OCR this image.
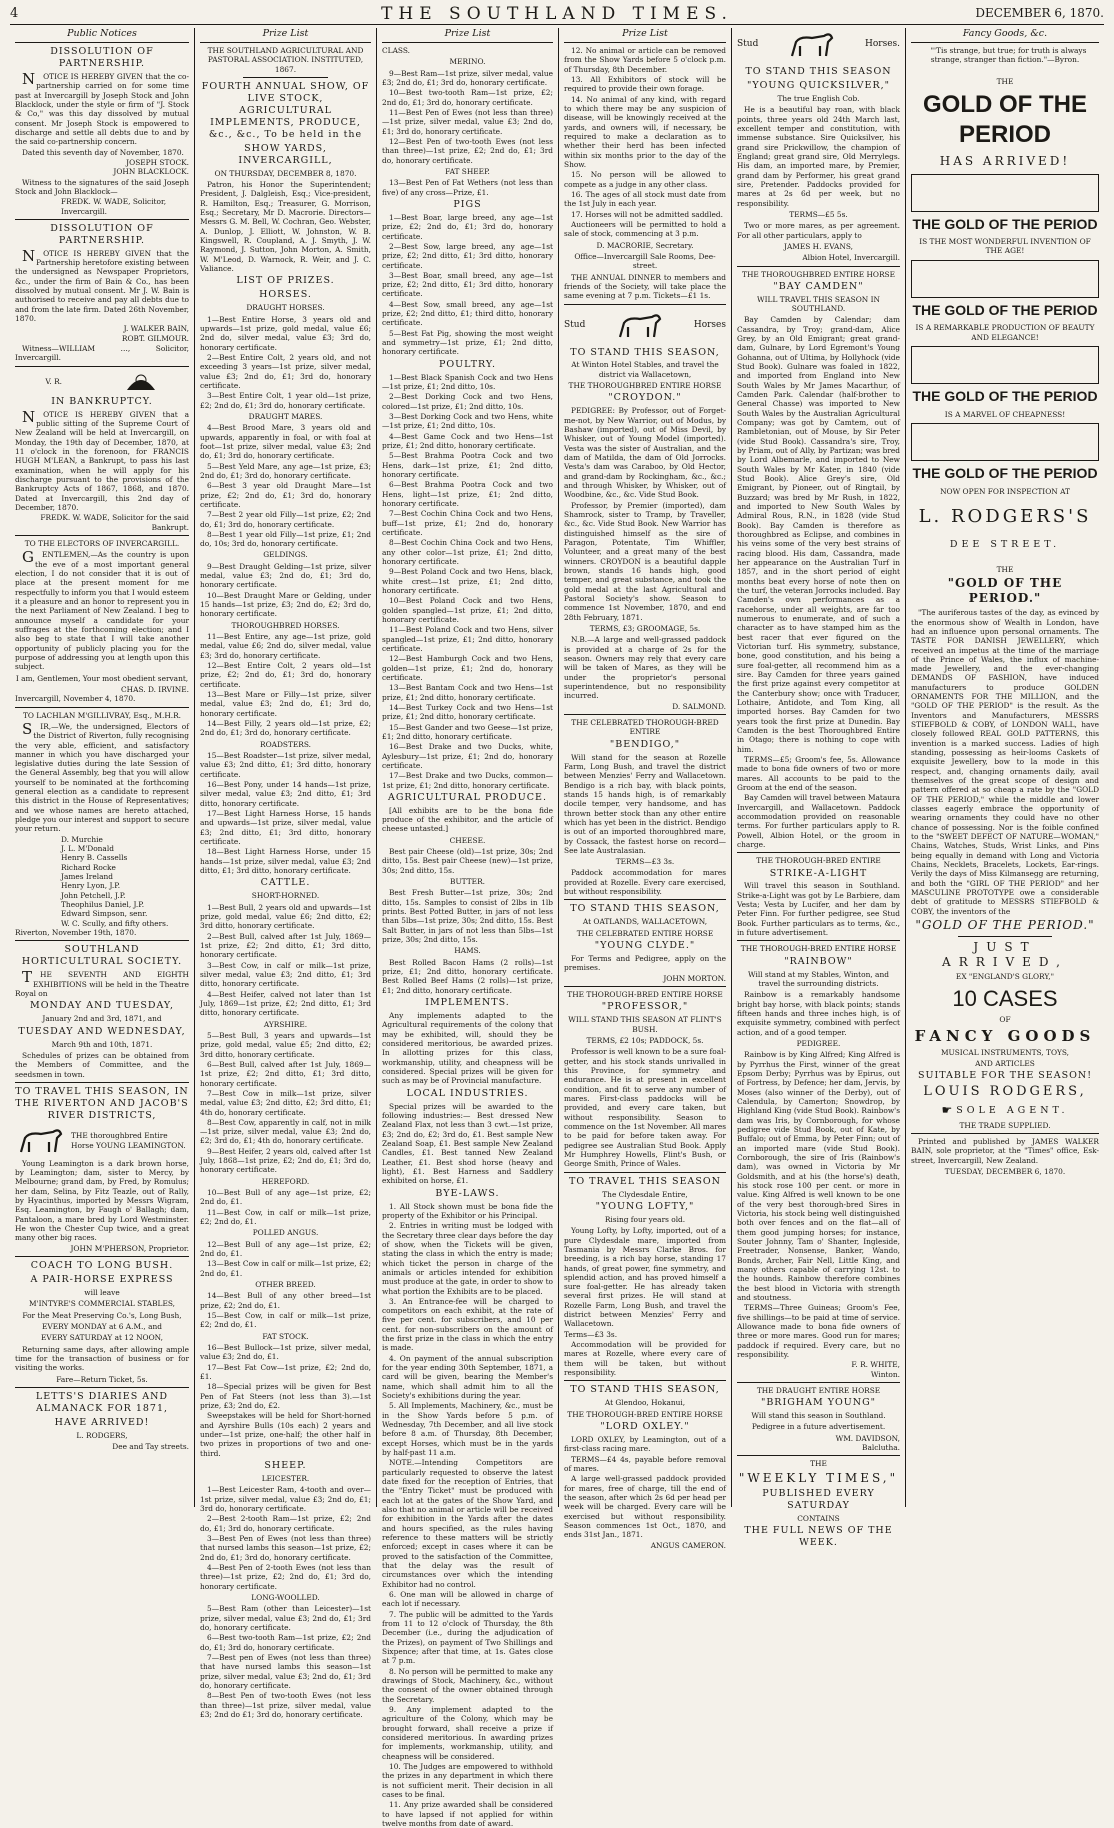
4	THE SOUTHLAND TIMES.	DECEMBER 6, 1870.
Public Notices
DISSOLUTION OF PARTNERSHIP.

NOTICE IS HEREBY GIVEN that the co-partnership carried on for some time past at Invercargill by Joseph Stock and John Blacklock, under the style or firm of "J. Stock & Co," was this day dissolved by mutual consent. Mr Joseph Stock is empowered to discharge and settle all debts due to and by the said co-partnership concern.

Dated this seventh day of November, 1870.

JOSEPH STOCK.
JOHN BLACKLOCK.

Witness to the signatures of the said Joseph Stock and John Blacklock—

FREDK. W. WADE, Solicitor, Invercargill.
DISSOLUTION OF PARTNERSHIP.

NOTICE IS HEREBY GIVEN that the Partnership heretofore existing between the undersigned as Newspaper Proprietors, &c., under the firm of Bain & Co., has been dissolved by mutual consent. Mr J. W. Bain is authorised to receive and pay all debts due to and from the late firm. Dated 26th November, 1870.

J. WALKER BAIN,
ROBT. GILMOUR.

Witness—WILLIAM …, Solicitor, Invercargill.

V. R.
IN BANKRUPTCY.

NOTICE IS HEREBY GIVEN that a public sitting of the Supreme Court of New Zealand will be held at Invercargill, on Monday, the 19th day of December, 1870, at 11 o'clock in the forenoon, for FRANCIS HUGH M'LEAN, a Bankrupt, to pass his last examination, when he will apply for his discharge pursuant to the provisions of the Bankruptcy Acts of 1867, 1868, and 1870. Dated at Invercargill, this 2nd day of December, 1870.

FREDK. W. WADE, Solicitor for the said Bankrupt.
TO THE ELECTORS OF INVERCARGILL.

GENTLEMEN,—As the country is upon the eve of a most important general election, I do not consider that it is out of place at the present moment for me respectfully to inform you that I would esteem it a pleasure and an honor to represent you in the next Parliament of New Zealand. I beg to announce myself a candidate for your suffrages at the forthcoming election; and I also beg to state that I will take another opportunity of publicly placing you for the purpose of addressing you at length upon this subject.

I am, Gentlemen, Your most obedient servant,
CHAS. D. IRVINE.
Invercargill, November 4, 1870.
TO LACHLAN M'GILLIVRAY, Esq., M.H.R.

SIR,—We, the undersigned, Electors of the District of Riverton, fully recognising the very able, efficient, and satisfactory manner in which you have discharged your legislative duties during the late Session of the General Assembly, beg that you will allow yourself to be nominated at the forthcoming general election as a candidate to represent this district in the House of Representatives; and we whose names are hereto attached, pledge you our interest and support to secure your return.

D. Murchie
J. L. M'Donald
Henry B. Cassells
Richard Rocke
James Ireland
Henry Lyon, J.P.
John Petchell, J.P.
Theophilus Daniel, J.P.
Edward Simpson, senr.
W. C. Scully, and fifty others.
Riverton, November 19th, 1870.
SOUTHLAND HORTICULTURAL SOCIETY.

THE SEVENTH AND EIGHTH EXHIBITIONS will be held in the Theatre Royal on

MONDAY AND TUESDAY,
January 2nd and 3rd, 1871, and
TUESDAY AND WEDNESDAY,
March 9th and 10th, 1871.

Schedules of prizes can be obtained from the Members of Committee, and the seedsmen in town.

TO TRAVEL THIS SEASON, IN THE RIVERTON AND JACOB'S RIVER DISTRICTS,
THE thoroughbred Entire Horse YOUNG LEAMINGTON.

Young Leamington is a dark brown horse, by Leamington; dam, sister to Mercy, by Melbourne; grand dam, by Fred, by Romulus; her dam, Selina, by Fitz Teazle, out of Rally, by Hyacinthus, imported by Messrs Wigram, Esq. Leamington, by Faugh o' Ballagh; dam, Pantaloon, a mare bred by Lord Westminster. He won the Chester Cup twice, and a great many other big races.

JOHN M'PHERSON, Proprietor.
COACH TO LONG BUSH.
A PAIR-HORSE EXPRESS
will leave
M'INTYRE'S COMMERCIAL STABLES,
For the Meat Preserving Co.'s, Long Bush,
EVERY MONDAY at 6 A.M., and
EVERY SATURDAY at 12 NOON,

Returning same days, after allowing ample time for the transaction of business or for visiting the works.

Fare—Return Ticket, 5s.
LETTS'S DIARIES AND ALMANACK FOR 1871,
HAVE ARRIVED!
L. RODGERS,
Dee and Tay streets.
Prize List
THE SOUTHLAND AGRICULTURAL AND PASTORAL ASSOCIATION. INSTITUTED, 1867.
FOURTH ANNUAL SHOW, OF LIVE STOCK, AGRICULTURAL IMPLEMENTS, PRODUCE, &c., &c., To be held in the
SHOW YARDS, INVERCARGILL,
ON THURSDAY, DECEMBER 8, 1870.

Patron, his Honor the Superintendent; President, J. Dalgleish, Esq.; Vice-president, R. Hamilton, Esq.; Treasurer, G. Morrison, Esq.; Secretary, Mr D. Macrorie. Directors—Messrs G. M. Bell, W. Cochran, Geo. Webster, A. Dunlop, J. Elliott, W. Johnston, W. B. Kingswell, R. Coupland, A. J. Smyth, J. W. Raymond, J. Sutton, John Morton, A. Smith, W. M'Leod, D. Warnock, R. Weir, and J. C. Valiance.

LIST OF PRIZES.
HORSES.
DRAUGHT HORSES.

1—Best Entire Horse, 3 years old and upwards—1st prize, gold medal, value £6; 2nd do, silver medal, value £3; 3rd do, honorary certificate.

2—Best Entire Colt, 2 years old, and not exceeding 3 years—1st prize, silver medal, value £3; 2nd do, £1; 3rd do, honorary certificate.

3—Best Entire Colt, 1 year old—1st prize, £2; 2nd do, £1; 3rd do, honorary certificate.

DRAUGHT MARES.

4—Best Brood Mare, 3 years old and upwards, apparently in foal, or with foal at foot—1st prize, silver medal, value £3; 2nd do, £1; 3rd do, honorary certificate.

5—Best Yeld Mare, any age—1st prize, £3; 2nd do, £1; 3rd do, honorary certificate.

6—Best 3 year old Draught Mare—1st prize, £2; 2nd do, £1; 3rd do, honorary certificate.

7—Best 2 year old Filly—1st prize, £2; 2nd do, £1; 3rd do, honorary certificate.

8—Best 1 year old Filly—1st prize, £1; 2nd do, 10s; 3rd do, honorary certificate.

GELDINGS.

9—Best Draught Gelding—1st prize, silver medal, value £3; 2nd do, £1; 3rd do, honorary certificate.

10—Best Draught Mare or Gelding, under 15 hands—1st prize, £3; 2nd do, £2; 3rd do, honorary certificate.

THOROUGHBRED HORSES.

11—Best Entire, any age—1st prize, gold medal, value £6; 2nd do, silver medal, value £3; 3rd do, honorary certificate.

12—Best Entire Colt, 2 years old—1st prize, £2; 2nd do, £1; 3rd do, honorary certificate.

13—Best Mare or Filly—1st prize, silver medal, value £3; 2nd do, £1; 3rd do, honorary certificate.

14—Best Filly, 2 years old—1st prize, £2; 2nd do, £1; 3rd do, honorary certificate.

ROADSTERS.

15—Best Roadster—1st prize, silver medal, value £3; 2nd ditto, £1; 3rd ditto, honorary certificate.

16—Best Pony, under 14 hands—1st prize, silver medal, value £3; 2nd ditto, £1; 3rd ditto, honorary certificate.

17—Best Light Harness Horse, 15 hands and upwards—1st prize, silver medal, value £3; 2nd ditto, £1; 3rd ditto, honorary certificate.

18—Best Light Harness Horse, under 15 hands—1st prize, silver medal, value £3; 2nd ditto, £1; 3rd ditto, honorary certificate.

CATTLE.
SHORT-HORNED.

1—Best Bull, 2 years old and upwards—1st prize, gold medal, value £6; 2nd ditto, £2; 3rd ditto, honorary certificate.

2—Best Bull, calved after 1st July, 1869—1st prize, £2; 2nd ditto, £1; 3rd ditto, honorary certificate.

3—Best Cow, in calf or milk—1st prize, silver medal, value £3; 2nd ditto, £1; 3rd ditto, honorary certificate.

4—Best Heifer, calved not later than 1st July, 1869—1st prize, £2; 2nd ditto, £1; 3rd ditto, honorary certificate.

AYRSHIRE.

5—Best Bull, 3 years and upwards—1st prize, gold medal, value £5; 2nd ditto, £2; 3rd ditto, honorary certificate.

6—Best Bull, calved after 1st July, 1869—1st prize, £2; 2nd ditto, £1; 3rd ditto, honorary certificate.

7—Best Cow in milk—1st prize, silver medal, value £3; 2nd ditto, £2; 3rd ditto, £1; 4th do, honorary certificate.

8—Best Cow, apparently in calf, not in milk—1st prize, silver medal, value £3; 2nd do, £2; 3rd do, £1; 4th do, honorary certificate.

9—Best Heifer, 2 years old, calved after 1st July, 1868—1st prize, £2; 2nd do, £1; 3rd do, honorary certificate.

HEREFORD.

10—Best Bull of any age—1st prize, £2; 2nd do, £1.

11—Best Cow, in calf or milk—1st prize, £2; 2nd do, £1.

POLLED ANGUS.

12—Best Bull of any age—1st prize, £2; 2nd do, £1.

13—Best Cow in calf or milk—1st prize, £2; 2nd do, £1.

OTHER BREED.

14—Best Bull of any other breed—1st prize, £2; 2nd do, £1.

15—Best Cow, in calf or milk—1st prize, £2; 2nd do, £1.

FAT STOCK.

16—Best Bullock—1st prize, silver medal, value £3; 2nd do, £1.

17—Best Fat Cow—1st prize, £2; 2nd do, £1.

18—Special prizes will be given for Best Pen of Fat Steers (not less than 3).—1st prize, £3; 2nd do, £2.

Sweepstakes will be held for Short-horned and Ayrshire Bulls (10s each) 2 years and under—1st prize, one-half; the other half in two prizes in proportions of two and one-third.

SHEEP.
LEICESTER.

1—Best Leicester Ram, 4-tooth and over—1st prize, silver medal, value £3; 2nd do, £1; 3rd do, honorary certificate.

2—Best 2-tooth Ram—1st prize, £2; 2nd do, £1; 3rd do, honorary certificate.

3—Best Pen of Ewes (not less than three) that nursed lambs this season—1st prize, £2; 2nd do, £1; 3rd do, honorary certificate.

4—Best Pen of 2-tooth Ewes (not less than three)—1st prize, £2; 2nd do, £1; 3rd do, honorary certificate.

LONG-WOOLLED.

5—Best Ram (other than Leicester)—1st prize, silver medal, value £3; 2nd do, £1; 3rd do, honorary certificate.

6—Best two-tooth Ram—1st prize, £2; 2nd do, £1; 3rd do, honorary certificate.

7—Best pen of Ewes (not less than three) that have nursed lambs this season—1st prize, silver medal, value £3; 2nd do, £1; 3rd do, honorary certificate.

8—Best Pen of two-tooth Ewes (not less than three)—1st prize, silver medal, value £3; 2nd do £1; 3rd do, honorary certificate.

Prize List
CLASS.
MERINO.

9—Best Ram—1st prize, silver medal, value £3; 2nd do, £1; 3rd do, honorary certificate.

10—Best two-tooth Ram—1st prize, £2; 2nd do, £1; 3rd do, honorary certificate.

11—Best Pen of Ewes (not less than three)—1st prize, silver medal, value £3; 2nd do, £1; 3rd do, honorary certificate.

12—Best Pen of two-tooth Ewes (not less than three)—1st prize, £2; 2nd do, £1; 3rd do, honorary certificate.

FAT SHEEP.

13—Best Pen of Fat Wethers (not less than five) of any cross—Prize, £1.

PIGS

1—Best Boar, large breed, any age—1st prize, £2; 2nd do, £1; 3rd do, honorary certificate.

2—Best Sow, large breed, any age—1st prize, £2; 2nd ditto, £1; 3rd ditto, honorary certificate.

3—Best Boar, small breed, any age—1st prize, £2; 2nd ditto, £1; 3rd ditto, honorary certificate.

4—Best Sow, small breed, any age—1st prize, £2; 2nd ditto, £1; third ditto, honorary certificate.

5—Best Fat Pig, showing the most weight and symmetry—1st prize, £1; 2nd ditto, honorary certificate.

POULTRY.

1—Best Black Spanish Cock and two Hens—1st prize, £1; 2nd ditto, 10s.

2—Best Dorking Cock and two Hens, colored—1st prize, £1; 2nd ditto, 10s.

3—Best Dorking Cock and two Hens, white—1st prize, £1; 2nd ditto, 10s.

4—Best Game Cock and two Hens—1st prize, £1; 2nd ditto, honorary certificate.

5—Best Brahma Pootra Cock and two Hens, dark—1st prize, £1; 2nd ditto, honorary certificate.

6—Best Brahma Pootra Cock and two Hens, light—1st prize, £1; 2nd ditto, honorary certificate.

7—Best Cochin China Cock and two Hens, buff—1st prize, £1; 2nd do, honorary certificate.

8—Best Cochin China Cock and two Hens, any other color—1st prize, £1; 2nd ditto, honorary certificate.

9—Best Poland Cock and two Hens, black, white crest—1st prize, £1; 2nd ditto, honorary certificate.

10—Best Poland Cock and two Hens, golden spangled—1st prize, £1; 2nd ditto, honorary certificate.

11—Best Poland Cock and two Hens, silver spangled—1st prize, £1; 2nd ditto, honorary certificate.

12—Best Hamburgh Cock and two Hens, golden—1st prize, £1; 2nd do, honorary certificate.

13—Best Bantam Cock and two Hens—1st prize, £1; 2nd ditto, honorary certificate.

14—Best Turkey Cock and two Hens—1st prize, £1; 2nd ditto, honorary certificate.

15—Best Gander and two Geese—1st prize, £1; 2nd ditto, honorary certificate.

16—Best Drake and two Ducks, white, Aylesbury—1st prize, £1; 2nd do, honorary certificate.

17—Best Drake and two Ducks, common—1st prize, £1; 2nd ditto, honorary certificate.

AGRICULTURAL PRODUCE.

[All exhibits are to be the bona fide produce of the exhibitor, and the article of cheese untasted.]

CHEESE.

Best pair Cheese (old)—1st prize, 30s; 2nd ditto, 15s. Best pair Cheese (new)—1st prize, 30s; 2nd ditto, 15s.

BUTTER.

Best Fresh Butter—1st prize, 30s; 2nd ditto, 15s. Samples to consist of 2lbs in 1lb prints. Best Potted Butter, in jars of not less than 5lbs—1st prize, 30s; 2nd ditto, 15s. Best Salt Butter, in jars of not less than 5lbs—1st prize, 30s; 2nd ditto, 15s.

HAMS.

Best Rolled Bacon Hams (2 rolls)—1st prize, £1; 2nd ditto, honorary certificate. Best Rolled Beef Hams (2 rolls)—1st prize, £1; 2nd ditto, honorary certificate.

IMPLEMENTS.

Any implements adapted to the Agricultural requirements of the colony that may be exhibited, will, should they be considered meritorious, be awarded prizes. In allotting prizes for this class, workmanship, utility, and cheapness will be considered. Special prizes will be given for such as may be of Provincial manufacture.

LOCAL INDUSTRIES.

Special prizes will be awarded to the following industries:— Best dressed New Zealand Flax, not less than 3 cwt.—1st prize, £3; 2nd do, £2; 3rd do, £1. Best sample New Zealand Soap, £1. Best sample New Zealand Candles, £1. Best tanned New Zealand Leather, £1. Best shod horse (heavy and light), £1. Best Harness and Saddlery exhibited on horse, £1.

BYE-LAWS.

1. All Stock shown must be bona fide the property of the Exhibitor or his Principal.

2. Entries in writing must be lodged with the Secretary three clear days before the day of show, when the Tickets will be given, stating the class in which the entry is made; which ticket the person in charge of the animals or articles intended for exhibition must produce at the gate, in order to show to what portion the Exhibits are to be placed.

3. An Entrance-fee will be charged to competitors on each exhibit, at the rate of five per cent. for subscribers, and 10 per cent. for non-subscribers on the amount of the first prize in the class in which the entry is made.

4. On payment of the annual subscription for the year ending 30th September, 1871, a card will be given, bearing the Member's name, which shall admit him to all the Society's exhibitions during the year.

5. All Implements, Machinery, &c., must be in the Show Yards before 5 p.m. of Wednesday, 7th December, and all live stock before 8 a.m. of Thursday, 8th December, except Horses, which must be in the yards by half-past 11 a.m.

NOTE.—Intending Competitors are particularly requested to observe the latest date fixed for the reception of Entries, that the "Entry Ticket" must be produced with each lot at the gates of the Show Yard, and also that no animal or article will be received for exhibition in the Yards after the dates and hours specified, as the rules having reference to these matters will be strictly enforced; except in cases where it can be proved to the satisfaction of the Committee, that the delay was the result of circumstances over which the intending Exhibitor had no control.

6. One man will be allowed in charge of each lot if necessary.

7. The public will be admitted to the Yards from 11 to 12 o'clock of Thursday, the 8th December (i.e., during the adjudication of the Prizes), on payment of Two Shillings and Sixpence; after that time, at 1s. Gates close at 7 p.m.

8. No person will be permitted to make any drawings of Stock, Machinery, &c., without the consent of the owner obtained through the Secretary.

9. Any implement adapted to the agriculture of the Colony, which may be brought forward, shall receive a prize if considered meritorious. In awarding prizes for implements, workmanship, utility, and cheapness will be considered.

10. The Judges are empowered to withhold the prizes in any department in which there is not sufficient merit. Their decision in all cases to be final.

11. Any prize awarded shall be considered to have lapsed if not applied for within twelve months from date of award.

Prize List

12. No animal or article can be removed from the Show Yards before 5 o'clock p.m. of Thursday, 8th December.

13. All Exhibitors of stock will be required to provide their own forage.

14. No animal of any kind, with regard to which there may be any suspicion of disease, will be knowingly received at the yards, and owners will, if necessary, be required to make a declaration as to whether their herd has been infected within six months prior to the day of the Show.

15. No person will be allowed to compete as a judge in any other class.

16. The ages of all stock must date from the 1st July in each year.

17. Horses will not be admitted saddled.

Auctioneers will be permitted to hold a sale of stock, commencing at 3 p.m.

D. MACRORIE, Secretary.
Office—Invercargill Sale Rooms, Dee-street.

THE ANNUAL DINNER to members and friends of the Society, will take place the same evening at 7 p.m. Tickets—£1 1s.

Stud	Horses
TO STAND THIS SEASON,
At Winton Hotel Stables, and travel the district via Wallacetown,
THE THOROUGHBRED ENTIRE HORSE
"CROYDON."

PEDIGREE: By Professor, out of Forget-me-not, by New Warrior, out of Modus, by Bashaw (imported), out of Miss Devil, by Whisker, out of Young Model (imported). Vesta was the sister of Australian, and the dam of Matilda, the dam of Old Jorrocks. Vesta's dam was Caraboo, by Old Hector, and grand-dam by Rockingham, &c., &c.; and through Whisker, by Whisker, out of Woodbine, &c., &c. Vide Stud Book.

Professor, by Premier (imported), dam Shamrock, sister to Tramp, by Traveller, &c., &c. Vide Stud Book. New Warrior has distinguished himself as the sire of Paragon, Potentate, Tim Whiffler, Volunteer, and a great many of the best winners. CROYDON is a beautiful dapple brown, stands 16 hands high, good temper, and great substance, and took the gold medal at the last Agricultural and Pastoral Society's show. Season to commence 1st November, 1870, and end 28th February, 1871.

TERMS, £3; GROOMAGE, 5s.

N.B.—A large and well-grassed paddock is provided at a charge of 2s for the season. Owners may rely that every care will be taken of Mares, as they will be under the proprietor's personal superintendence, but no responsibility incurred.

D. SALMOND.
THE CELEBRATED THOROUGH-BRED ENTIRE
"BENDIGO,"

Will stand for the season at Rozelle Farm, Long Bush, and travel the district between Menzies' Ferry and Wallacetown. Bendigo is a rich bay, with black points, stands 15 hands high, is of remarkably docile temper, very handsome, and has thrown better stock than any other entire which has yet been in the district. Bendigo is out of an imported thoroughbred mare, by Cossack, the fastest horse on record—See late Australasian.

TERMS—£3 3s.

Paddock accommodation for mares provided at Rozelle. Every care exercised, but without responsibility.

TO STAND THIS SEASON,
At OATLANDS, WALLACETOWN,
THE CELEBRATED ENTIRE HORSE
"YOUNG CLYDE."

For Terms and Pedigree, apply on the premises.

JOHN MORTON.
THE THOROUGH-BRED ENTIRE HORSE
"PROFESSOR,"
WILL STAND THIS SEASON AT FLINT'S BUSH.
TERMS, £2 10s; PADDOCK, 5s.

Professor is well known to be a sure foal-getter, and his stock stands unrivalled in this Province, for symmetry and endurance. He is at present in excellent condition, and fit to serve any number of mares. First-class paddocks will be provided, and every care taken, but without responsibility. Season to commence on the 1st November. All mares to be paid for before taken away. For pedigree see Australian Stud Book. Apply Mr Humphrey Howells, Flint's Bush, or George Smith, Prince of Wales.

TO TRAVEL THIS SEASON
The Clydesdale Entire,
"YOUNG LOFTY,"
Rising four years old.

Young Lofty, by Lofty, imported, out of a pure Clydesdale mare, imported from Tasmania by Messrs Clarke Bros. for breeding, is a rich bay horse, standing 17 hands, of great power, fine symmetry, and splendid action, and has proved himself a sure foal-getter. He has already taken several first prizes. He will stand at Rozelle Farm, Long Bush, and travel the district between Menzies' Ferry and Wallacetown.

Terms—£3 3s.

Accommodation will be provided for mares at Rozelle, where every care of them will be taken, but without responsibility.

TO STAND THIS SEASON,
At Glendoo, Hokanui,
THE THOROUGH-BRED ENTIRE HORSE
"LORD OXLEY."

LORD OXLEY, by Leamington, out of a first-class racing mare.

TERMS—£4 4s, payable before removal of mares.

A large well-grassed paddock provided for mares, free of charge, till the end of the season, after which 2s 6d per head per week will be charged. Every care will be exercised but without responsibility. Season commences 1st Oct., 1870, and ends 31st Jan., 1871.

ANGUS CAMERON.
Stud	Horses.
TO STAND THIS SEASON
"YOUNG QUICKSILVER,"
The true English Cob.

He is a beautiful bay roan, with black points, three years old 24th March last, excellent temper and constitution, with immense substance. Sire Quicksilver, his grand sire Prickwillow, the champion of England; great grand sire, Old Merrylegs. His dam, an imported mare, by Premier, grand dam by Performer, his great grand sire, Pretender. Paddocks provided for mares at 2s 6d per week, but no responsibility.

TERMS—£5 5s.

Two or more mares, as per agreement. For all other particulars, apply to

JAMES H. EVANS,
Albion Hotel, Invercargill.
THE THOROUGHBRED ENTIRE HORSE
"BAY CAMDEN"
WILL TRAVEL THIS SEASON IN SOUTHLAND.

Bay Camden by Calendar; dam Cassandra, by Troy; grand-dam, Alice Grey, by an Old Emigrant; great grand-dam, Gulnare, by Lord Egremont's Young Gohanna, out of Ultima, by Hollyhock (vide Stud Book). Gulnare was foaled in 1822, and imported from England into New South Wales by Mr James Macarthur, of Camden Park. Calendar (half-brother to General Chasse) was imported to New South Wales by the Australian Agricultural Company; was got by Camtem, out of Rambletonian, out of Mouse, by Sir Peter (vide Stud Book). Cassandra's sire, Troy, by Priam, out of Ally, by Partizan; was bred by Lord Albemarle, and imported to New South Wales by Mr Kater, in 1840 (vide Stud Book). Alice Grey's sire, Old Emigrant, by Pioneer, out of Ringtail, by Buzzard; was bred by Mr Rush, in 1822, and imported to New South Wales by Admiral Rous, R.N., in 1828 (vide Stud Book). Bay Camden is therefore as thoroughbred as Eclipse, and combines in his veins some of the very best strains of racing blood. His dam, Cassandra, made her appearance on the Australian Turf in 1857, and in the short period of eight months beat every horse of note then on the turf, the veteran Jorrocks included. Bay Camden's own performances as a racehorse, under all weights, are far too numerous to enumerate, and of such a character as to have stamped him as the best racer that ever figured on the Victorian turf. His symmetry, substance, bone, good constitution, and his being a sure foal-getter, all recommend him as a sire. Bay Camden for three years gained the first prize against every competitor at the Canterbury show; once with Traducer, Lothaire, Antidote, and Tom King, all imported horses. Bay Camden for two years took the first prize at Dunedin. Bay Camden is the best Thoroughbred Entire in Otago; there is nothing to cope with him.

TERMS—£5; Groom's fee, 5s. Allowance made to bona fide owners of two or more mares. All accounts to be paid to the Groom at the end of the season.

Bay Camden will travel between Mataura Invercargill, and Wallacetown. Paddock accommodation provided on reasonable terms. For further particulars apply to R. Powell, Albion Hotel, or the groom in charge.

THE THOROUGH-BRED ENTIRE
STRIKE-A-LIGHT

Will travel this season in Southland. Strike-a-Light was got by Le Barbiere, dam Vesta; Vesta by Lucifer, and her dam by Peter Finn. For further pedigree, see Stud Book. Further particulars as to terms, &c., in future advertisement.

THE THOROUGH-BRED ENTIRE HORSE
"RAINBOW"
Will stand at my Stables, Winton, and travel the surrounding districts.

Rainbow is a remarkably handsome bright bay horse, with black points; stands fifteen hands and three inches high, is of exquisite symmetry, combined with perfect action, and of a good temper.

PEDIGREE.

Rainbow is by King Alfred; King Alfred is by Pyrrhus the First, winner of the great Epsom Derby; Pyrrhus was by Epirus, out of Fortress, by Defence; her dam, Jervis, by Moses (also winner of the Derby), out of Calendula, by Camerton; Snowdrop, by Highland King (vide Stud Book). Rainbow's dam was Iris, by Cornborough, for whose pedigree vide Stud Book, out of Kate, by Buffalo; out of Emma, by Peter Finn; out of an imported mare (vide Stud Book). Cornborough, the sire of Iris (Rainbow's dam), was owned in Victoria by Mr Goldsmith, and at his (the horse's) death, his stock rose 100 per cent. or more in value. King Alfred is well known to be one of the very best thorough-bred Sires in Victoria, his stock being well distinguished both over fences and on the flat—all of them good jumping horses; for instance, Souter Johnny, Tam o' Shanter, Ingleside, Freetrader, Nonsense, Banker, Wando, Bonds, Archer, Fair Nell, Little King, and many others capable of carrying 12st. to the hounds. Rainbow therefore combines the best blood in Victoria with strength and stoutness.

TERMS—Three Guineas; Groom's Fee, five shillings—to be paid at time of service. Allowance made to bona fide owners of three or more mares. Good run for mares; paddock if required. Every care, but no responsibility.

F. R. WHITE,
Winton.
THE DRAUGHT ENTIRE HORSE
"BRIGHAM YOUNG"
Will stand this season in Southland.
Pedigree in a future advertisement.
WM. DAVIDSON,
Balclutha.
THE
"WEEKLY TIMES,"
PUBLISHED EVERY SATURDAY
CONTAINS
THE FULL NEWS OF THE WEEK.
Fancy Goods, &c.

"'Tis strange, but true; for truth is always strange, stranger than fiction."—Byron.

THE
GOLD OF THE PERIOD
HAS ARRIVED!
THE GOLD OF THE PERIOD
IS THE MOST WONDERFUL INVENTION OF THE AGE!
THE GOLD OF THE PERIOD
IS A REMARKABLE PRODUCTION OF BEAUTY AND ELEGANCE!
THE GOLD OF THE PERIOD
IS A MARVEL OF CHEAPNESS!
THE GOLD OF THE PERIOD
NOW OPEN FOR INSPECTION AT
L. RODGERS'S
DEE STREET.
THE
"GOLD OF THE PERIOD."

"The auriferous tastes of the day, as evinced by the enormous show of Wealth in London, have had an influence upon personal ornaments. The TASTE FOR DANISH JEWELLERY, which received an impetus at the time of the marriage of the Prince of Wales, the influx of machine-made Jewellery, and the ever-changing DEMANDS OF FASHION, have induced manufacturers to produce GOLDEN ORNAMENTS FOR THE MILLION, and the "GOLD OF THE PERIOD" is the result. As the Inventors and Manufacturers, MESSRS STIEFBOLD & COBY, of LONDON WALL, have closely followed REAL GOLD PATTERNS, this invention is a marked success. Ladies of high standing, possessing as heir-looms Caskets of exquisite Jewellery, bow to la mode in this respect, and, changing ornaments daily, avail themselves of the great scope of design and pattern offered at so cheap a rate by the "GOLD OF THE PERIOD," while the middle and lower classes eagerly embrace the opportunity of wearing ornaments they could have no other chance of possessing. Nor is the foible confined to the "SWEET DEFECT OF NATURE—WOMAN," Chains, Watches, Studs, Wrist Links, and Pins being equally in demand with Long and Victoria Chains, Necklets, Bracelets, Lockets, Ear-rings. Verily the days of Miss Kilmansegg are returning, and both the "GIRL OF THE PERIOD" and her MASCULINE PROTOTYPE owe a considerable debt of gratitude to MESSRS STIEFBOLD & COBY, the inventors of the

"GOLD OF THE PERIOD."
JUST ARRIVED,
EX "ENGLAND'S GLORY,"
10 CASES
OF
FANCY GOODS
MUSICAL INSTRUMENTS, TOYS,
AND ARTICLES
SUITABLE FOR THE SEASON!
LOUIS RODGERS,
☛ SOLE AGENT.
THE TRADE SUPPLIED.

Printed and published by JAMES WALKER BAIN, sole proprietor, at the "Times" office, Esk-street, Invercargill, New Zealand.

TUESDAY, DECEMBER 6, 1870.
